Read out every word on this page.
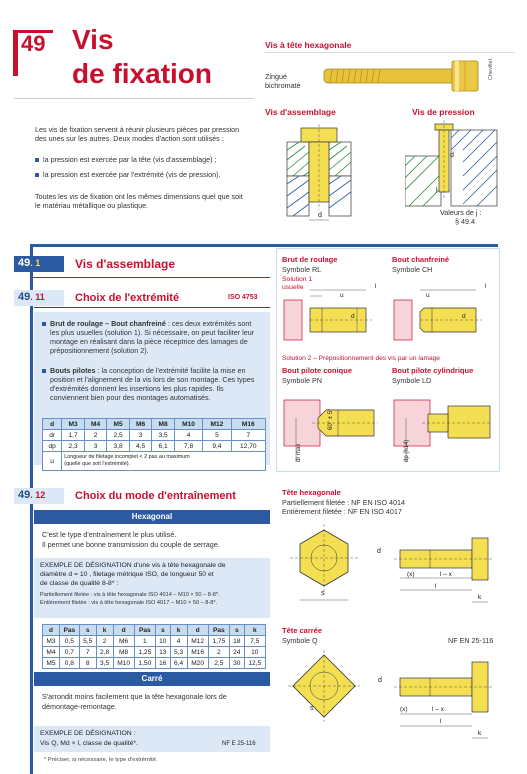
49 Vis
de fixation
Vis à tête hexagonale
Zingué
bichromaté
Chevillet
Les vis de fixation servent à réunir plusieurs pièces par pression des unes sur les autres. Deux modes d'action sont utilisés :
la pression est exercée par la tête (vis d'assemblage) ;
la pression est exercée par l'extrémité (vis de pression).
Toutes les vis de fixation ont les mêmes dimensions quel que soit le matériau métallique ou plastique.
Vis d'assemblage	Vis de pression
d
d
j
Valeurs de j :
§ 49.4
49. 1	Vis d'assemblage
49. 11	Choix de l'extrémité	ISO 4753
Brut de roulage – Bout chanfreiné : ces deux extrémités sont les plus usuelles (solution 1). Si nécessaire, on peut faciliter leur montage en réalisant dans la pièce réceptrice des lamages de prépositionnement (solution 2).
Bouts pilotes : la conception de l'extrémité facilite la mise en position et l'alignement de la vis lors de son montage. Ces types d'extrémités donnent les insertions les plus rapides. Ils conviennent bien pour des montages automatisés.
d	M3	M4	M5	M6	M8	M10	M12	M16
dr	1,7	2	2,5	3	3,5	4	5	7
dp	2,3	3	3,8	4,5	6,1	7,8	9,4	12,70
u	Longueur de filetage incomplet < 2 pas au maximum
(quelle que soit l'extrémité).							
Brut de roulage
Symbole RL
Solution 1
usuelle
Bout chanfreiné
Symbole CH
u
l
d
u
l
d
Solution 2 – Prépositionnement des vis par un lamage
Bout pilote conique
Symbole PN
Bout pilote cylindrique
Symbole LD
60° ± 5°
dr max	dp (h14)
49. 12	Choix du mode d'entraînement
Hexagonal
C'est le type d'entraînement le plus utilisé.
Il permet une bonne transmission du couple de serrage.
EXEMPLE DE DÉSIGNATION d'une vis à tête hexagonale de
diamètre d = 10 , filetage métrique ISO, de longueur 50 et
de classe de qualité 8-8* :
Partiellement filetée : vis à tête hexagonale ISO 4014 – M10 × 50 – 8-8*.
Entièrement filetée : vis à tête hexagonale ISO 4017 – M10 × 50 – 8-8*.
d	Pas	s	k	d	Pas	s	k	d	Pas	s	k
M3	0,5	5,5	2	M6	1	10	4	M12	1,75	18	7,5
M4	0,7	7	2,8	M8	1,25	13	5,3	M16	2	24	10
M5	0,8	8	3,5	M10	1,50	16	6,4	M20	2,5	30	12,5
Carré
S'arrondit moins facilement que la tête hexagonale lors de
démontage-remontage.
EXEMPLE DE DÉSIGNATION :
Vis Q, Md × l, classe de qualité*.	NF E 25-116
Tête hexagonale
Partiellement filetée : NF EN ISO 4014
Entièrement filetée : NF EN ISO 4017
d
s
(x)	l – x
l
k
Tête carrée
Symbole Q	NF EN 25-116
d
s	(x)	l – x
l
k
* Préciser, si nécessaire, le type d'extrémité.
